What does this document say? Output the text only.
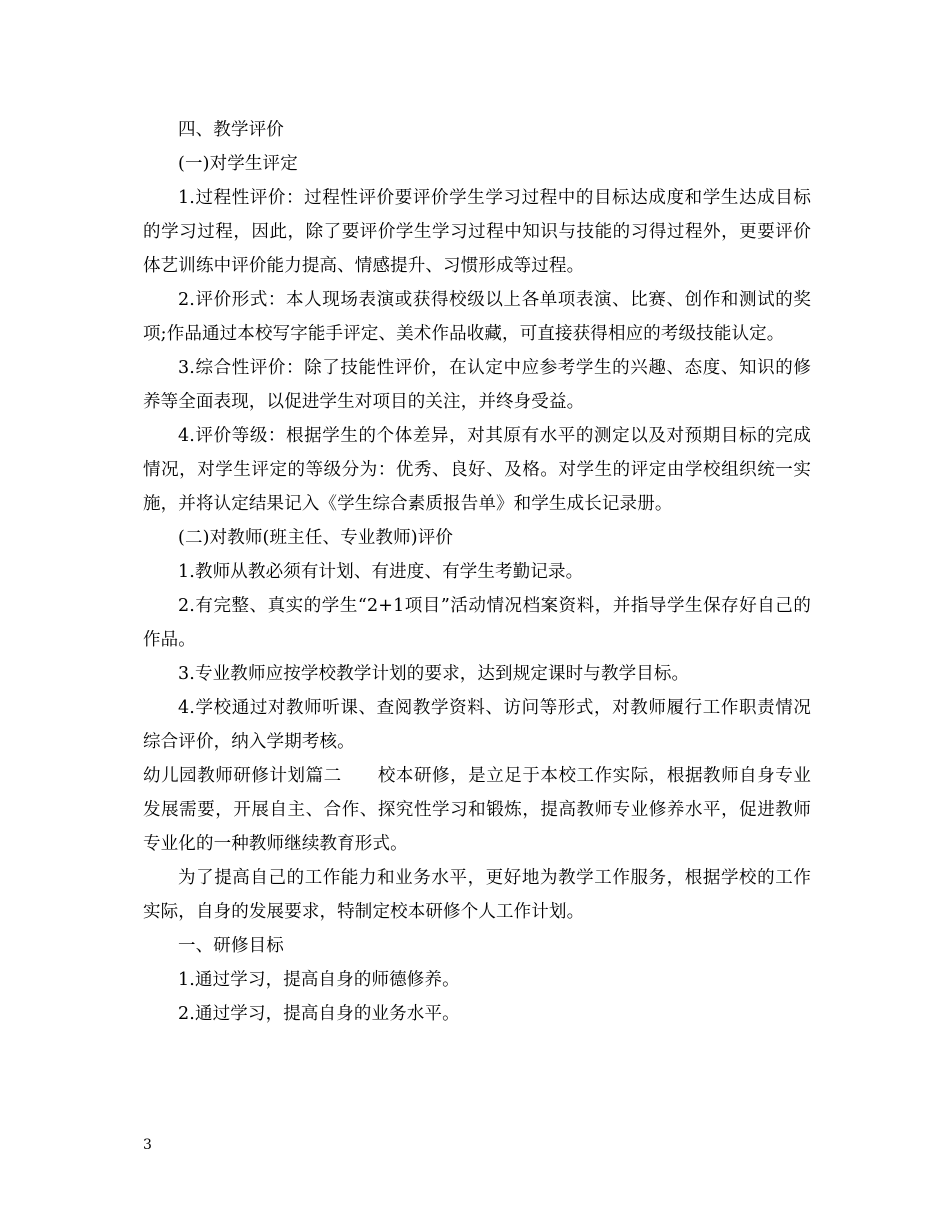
四、教学评价

(一)对学生评定

1.过程性评价：过程性评价要评价学生学习过程中的目标达成度和学生达成目标的学习过程，因此，除了要评价学生学习过程中知识与技能的习得过程外，更要评价体艺训练中评价能力提高、情感提升、习惯形成等过程。

2.评价形式：本人现场表演或获得校级以上各单项表演、比赛、创作和测试的奖项;作品通过本校写字能手评定、美术作品收藏，可直接获得相应的考级技能认定。

3.综合性评价：除了技能性评价，在认定中应参考学生的兴趣、态度、知识的修养等全面表现，以促进学生对项目的关注，并终身受益。

4.评价等级：根据学生的个体差异，对其原有水平的测定以及对预期目标的完成情况，对学生评定的等级分为：优秀、良好、及格。对学生的评定由学校组织统一实施，并将认定结果记入《学生综合素质报告单》和学生成长记录册。

(二)对教师(班主任、专业教师)评价

1.教师从教必须有计划、有进度、有学生考勤记录。

2.有完整、真实的学生“2+1项目”活动情况档案资料，并指导学生保存好自己的作品。

3.专业教师应按学校教学计划的要求，达到规定课时与教学目标。

4.学校通过对教师听课、查阅教学资料、访问等形式，对教师履行工作职责情况综合评价，纳入学期考核。

幼儿园教师研修计划篇二　　校本研修，是立足于本校工作实际，根据教师自身专业发展需要，开展自主、合作、探究性学习和锻炼，提高教师专业修养水平，促进教师专业化的一种教师继续教育形式。

为了提高自己的工作能力和业务水平，更好地为教学工作服务，根据学校的工作实际，自身的发展要求，特制定校本研修个人工作计划。

一、研修目标

1.通过学习，提高自身的师德修养。

2.通过学习，提高自身的业务水平。

3
